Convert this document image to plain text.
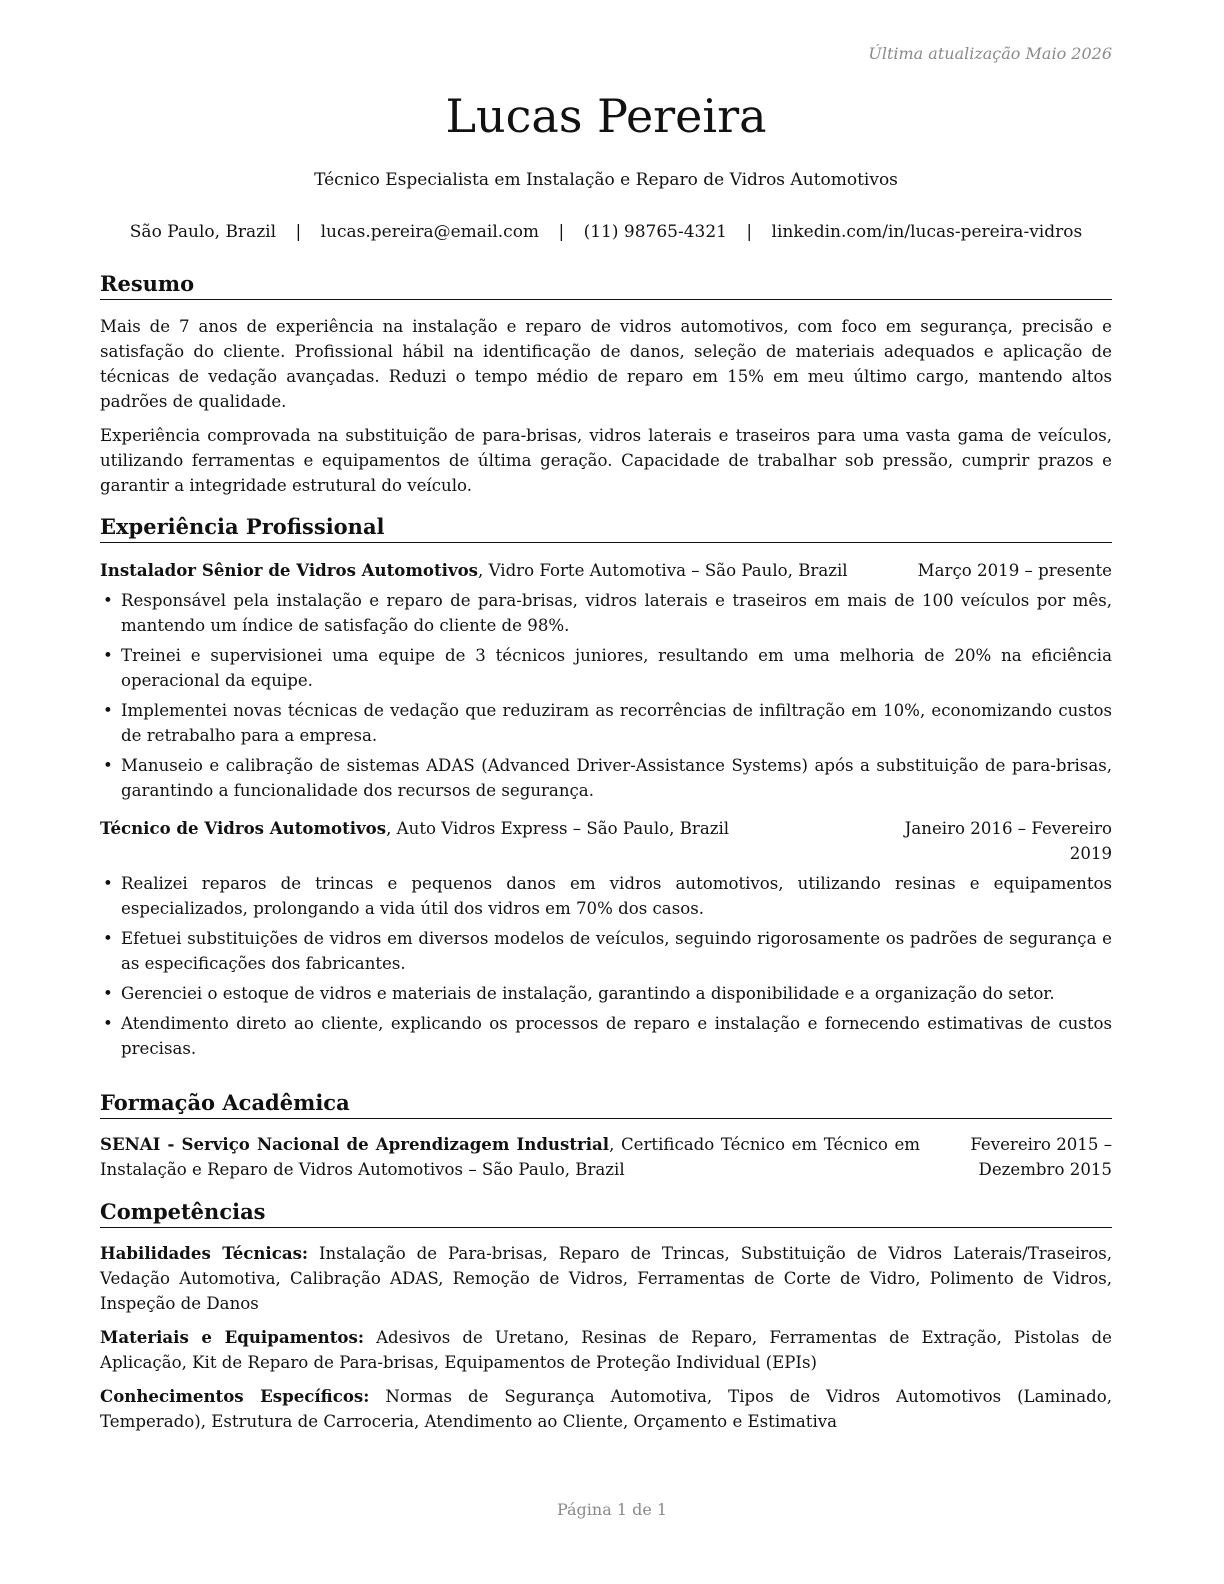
Última atualização Maio 2026
Lucas Pereira
Técnico Especialista em Instalação e Reparo de Vidros Automotivos
São Paulo, Brazil | lucas.pereira@email.com | (11) 98765-4321 | linkedin.com/in/lucas-pereira-vidros
Resumo

Mais de 7 anos de experiência na instalação e reparo de vidros automotivos, com foco em segurança, precisão e satisfação do cliente. Profissional hábil na identificação de danos, seleção de materiais adequados e aplicação de técnicas de vedação avançadas. Reduzi o tempo médio de reparo em 15% em meu último cargo, mantendo altos padrões de qualidade.

Experiência comprovada na substituição de para-brisas, vidros laterais e traseiros para uma vasta gama de veículos, utilizando ferramentas e equipamentos de última geração. Capacidade de trabalhar sob pressão, cumprir prazos e garantir a integridade estrutural do veículo.

Experiência Profissional
Instalador Sênior de Vidros Automotivos, Vidro Forte Automotiva – São Paulo, Brazil	Março 2019 – presente
• Responsável pela instalação e reparo de para-brisas, vidros laterais e traseiros em mais de 100 veículos por mês, mantendo um índice de satisfação do cliente de 98%.
• Treinei e supervisionei uma equipe de 3 técnicos juniores, resultando em uma melhoria de 20% na eficiência operacional da equipe.
• Implementei novas técnicas de vedação que reduziram as recorrências de infiltração em 10%, economizando custos de retrabalho para a empresa.
• Manuseio e calibração de sistemas ADAS (Advanced Driver-Assistance Systems) após a substituição de para-brisas, garantindo a funcionalidade dos recursos de segurança.
Técnico de Vidros Automotivos, Auto Vidros Express – São Paulo, Brazil	Janeiro 2016 – Fevereiro 2019
• Realizei reparos de trincas e pequenos danos em vidros automotivos, utilizando resinas e equipamentos especializados, prolongando a vida útil dos vidros em 70% dos casos.
• Efetuei substituições de vidros em diversos modelos de veículos, seguindo rigorosamente os padrões de segurança e as especificações dos fabricantes.
• Gerenciei o estoque de vidros e materiais de instalação, garantindo a disponibilidade e a organização do setor.
• Atendimento direto ao cliente, explicando os processos de reparo e instalação e fornecendo estimativas de custos precisas.
Formação Acadêmica
SENAI - Serviço Nacional de Aprendizagem Industrial, Certificado Técnico em Técnico em Instalação e Reparo de Vidros Automotivos – São Paulo, Brazil
Fevereiro 2015 – Dezembro 2015
Competências

Habilidades Técnicas: Instalação de Para-brisas, Reparo de Trincas, Substituição de Vidros Laterais/Traseiros, Vedação Automotiva, Calibração ADAS, Remoção de Vidros, Ferramentas de Corte de Vidro, Polimento de Vidros, Inspeção de Danos

Materiais e Equipamentos: Adesivos de Uretano, Resinas de Reparo, Ferramentas de Extração, Pistolas de Aplicação, Kit de Reparo de Para-brisas, Equipamentos de Proteção Individual (EPIs)

Conhecimentos Específicos: Normas de Segurança Automotiva, Tipos de Vidros Automotivos (Laminado, Temperado), Estrutura de Carroceria, Atendimento ao Cliente, Orçamento e Estimativa

Página 1 de 1
